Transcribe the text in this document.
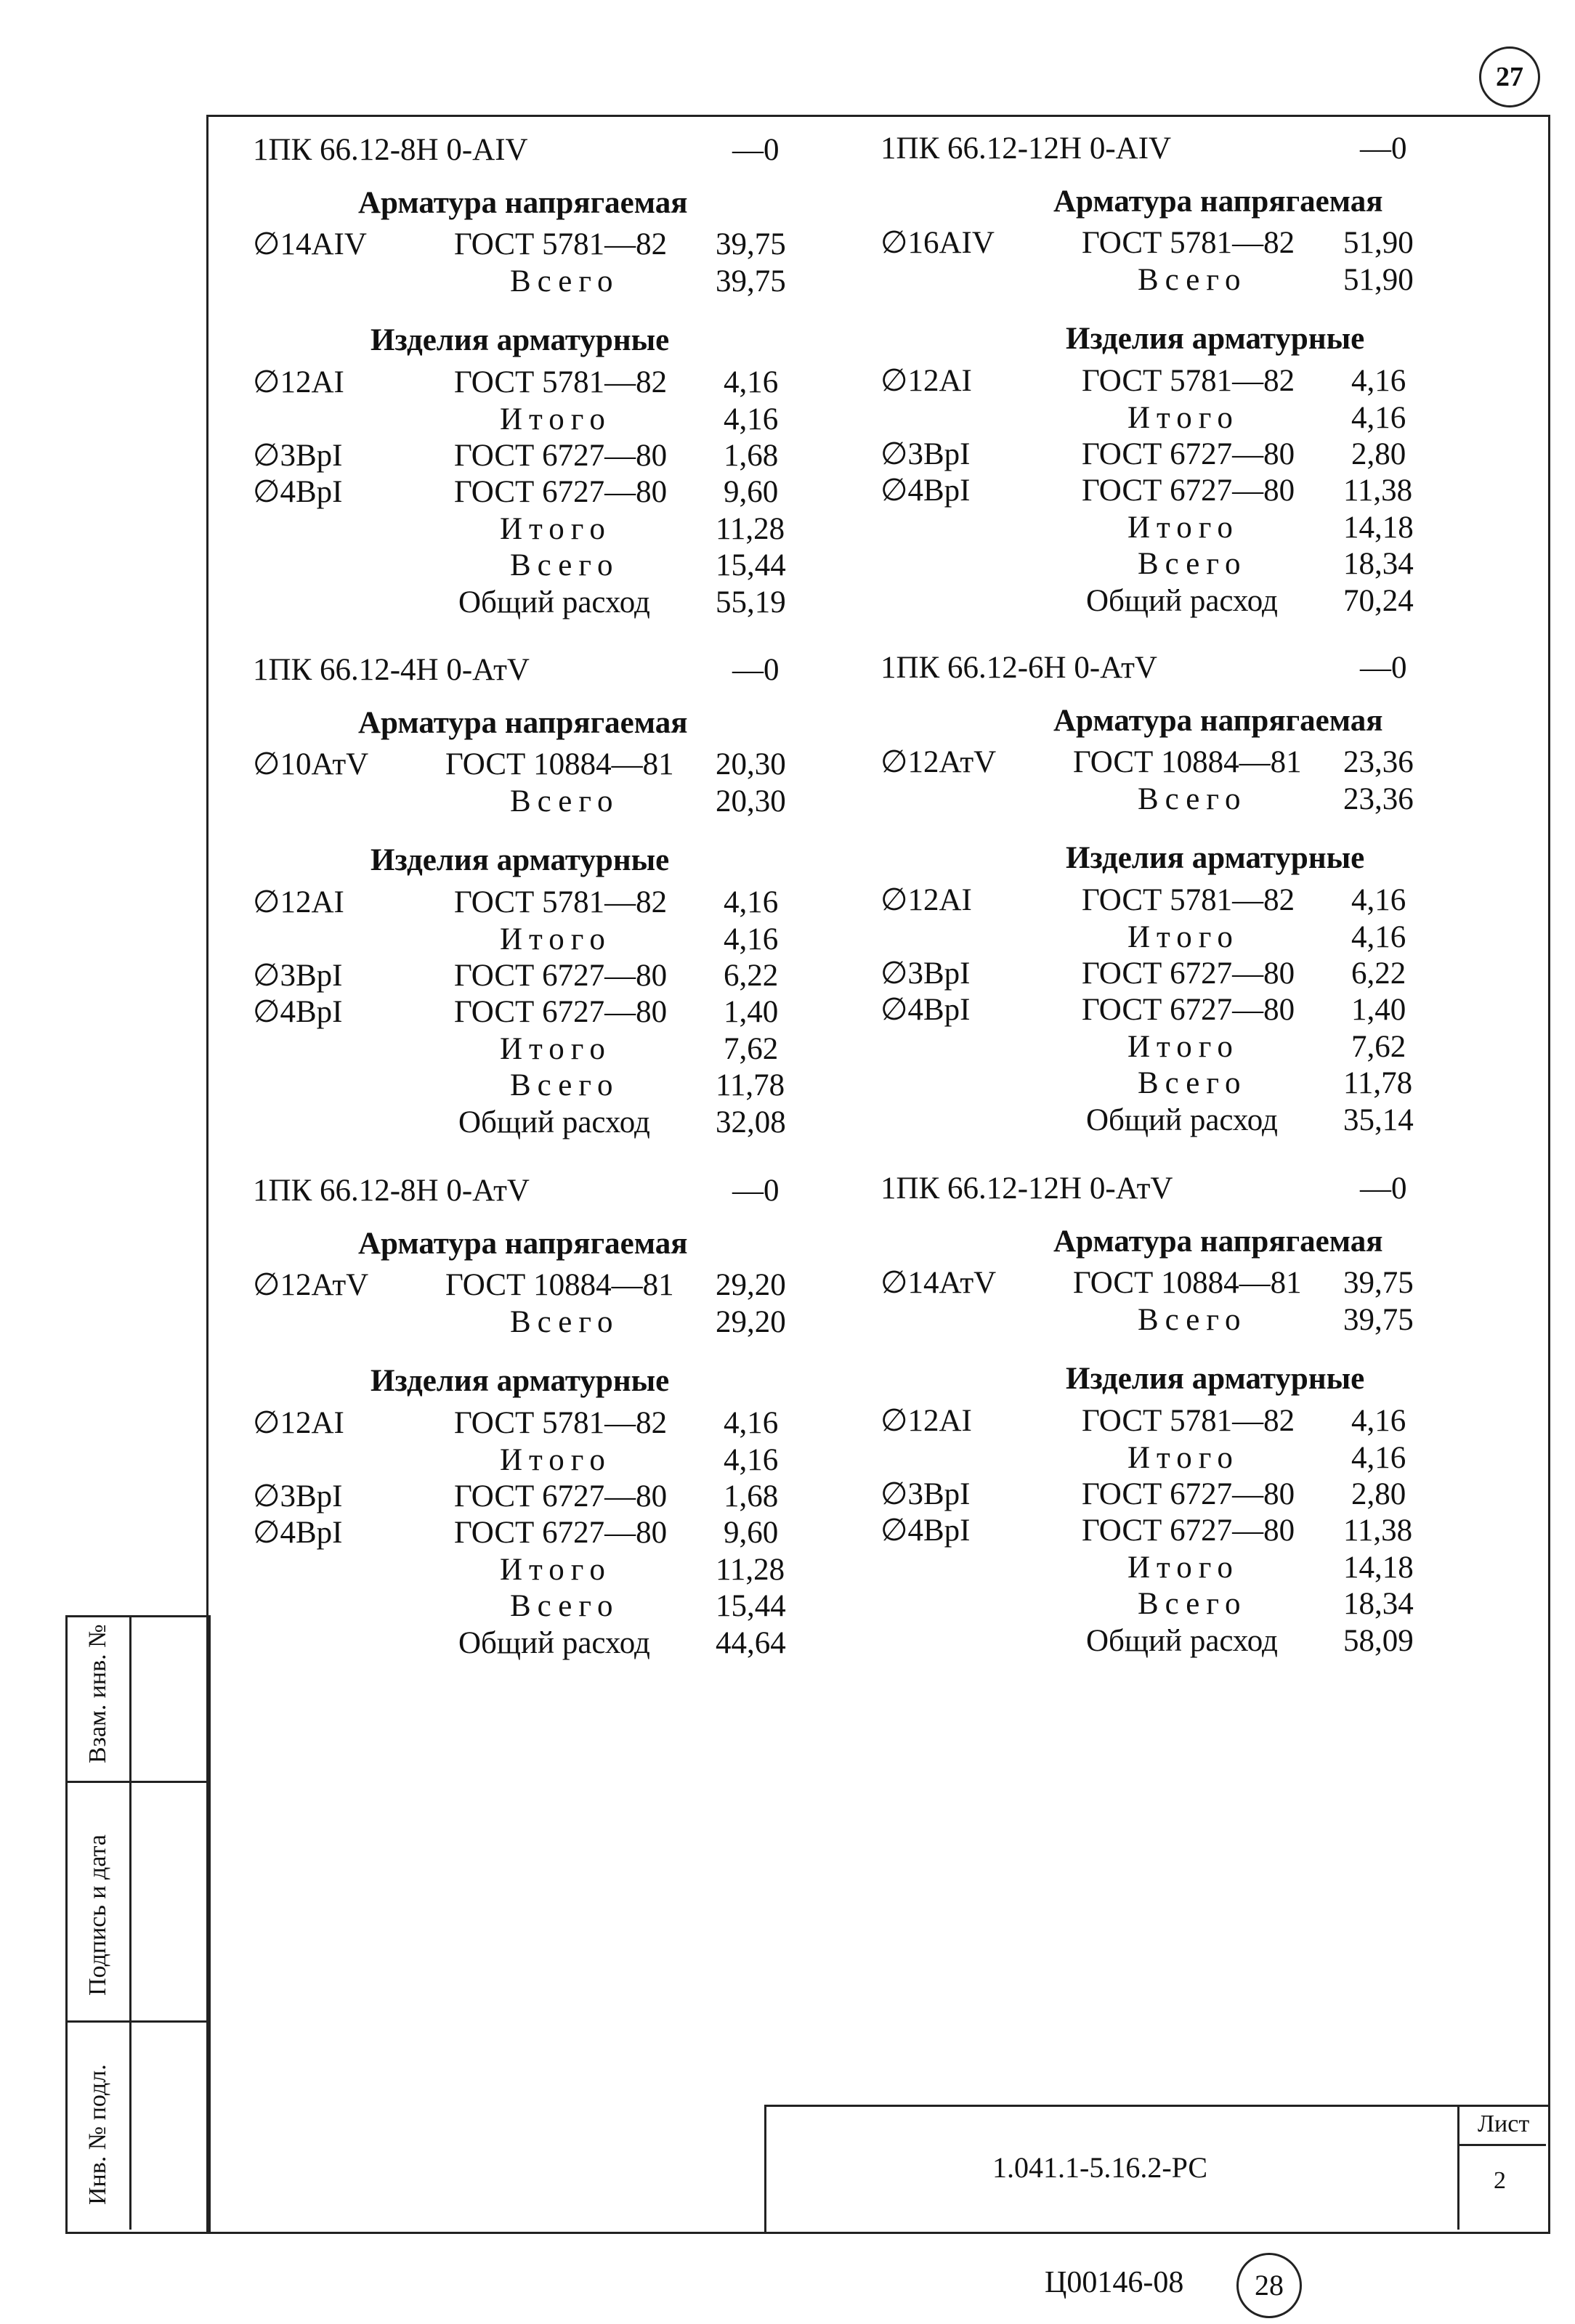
27
Взам. инв. №
Подпись и дата
Инв. № подл.	1.041.1-5.16.2-РС
Лист
2
Ц00146-08	28
1ПК 66.12-8Н 0-AIV	—0
Арматура напрягаемая
∅14AIV	ГОСТ 5781—82 39,75
Всего	39,75
Изделия арматурные
∅12AI	ГОСТ 5781—82 4,16
Итого	4,16
∅3ВрI	ГОСТ 6727—80 1,68
∅4ВрI	ГОСТ 6727—80 9,60
Итого	11,28
Всего	15,44
Общий расход 55,19
1ПК 66.12-4Н 0-АтV	—0
Арматура напрягаемая
∅10АтV ГОСТ 10884—81 20,30
Всего	20,30
Изделия арматурные
∅12AI	ГОСТ 5781—82 4,16
Итого	4,16
∅3ВрI	ГОСТ 6727—80 6,22
∅4ВрI	ГОСТ 6727—80 1,40
Итого	7,62
Всего	11,78
Общий расход 32,08
1ПК 66.12-8Н 0-АтV	—0
Арматура напрягаемая
∅12АтV ГОСТ 10884—81 29,20
Всего	29,20
Изделия арматурные
∅12AI	ГОСТ 5781—82 4,16
Итого	4,16
∅3ВрI	ГОСТ 6727—80 1,68
∅4ВрI	ГОСТ 6727—80 9,60
Итого	11,28
Всего	15,44
Общий расход 44,64
1ПК 66.12-12Н 0-AIV	—0
Арматура напрягаемая
∅16AIV	ГОСТ 5781—82 51,90
Всего	51,90
Изделия арматурные
∅12AI	ГОСТ 5781—82 4,16
Итого	4,16
∅3ВрI	ГОСТ 6727—80 2,80
∅4ВрI	ГОСТ 6727—80 11,38
Итого	14,18
Всего	18,34
Общий расход 70,24
1ПК 66.12-6Н 0-АтV	—0
Арматура напрягаемая
∅12АтV ГОСТ 10884—81 23,36
Всего	23,36
Изделия арматурные
∅12AI	ГОСТ 5781—82 4,16
Итого	4,16
∅3ВрI	ГОСТ 6727—80 6,22
∅4ВрI	ГОСТ 6727—80 1,40
Итого	7,62
Всего	11,78
Общий расход 35,14
1ПК 66.12-12Н 0-АтV	—0
Арматура напрягаемая
∅14АтV ГОСТ 10884—81 39,75
Всего	39,75
Изделия арматурные
∅12AI	ГОСТ 5781—82 4,16
Итого	4,16
∅3ВрI	ГОСТ 6727—80 2,80
∅4ВрI	ГОСТ 6727—80 11,38
Итого	14,18
Всего	18,34
Общий расход 58,09
